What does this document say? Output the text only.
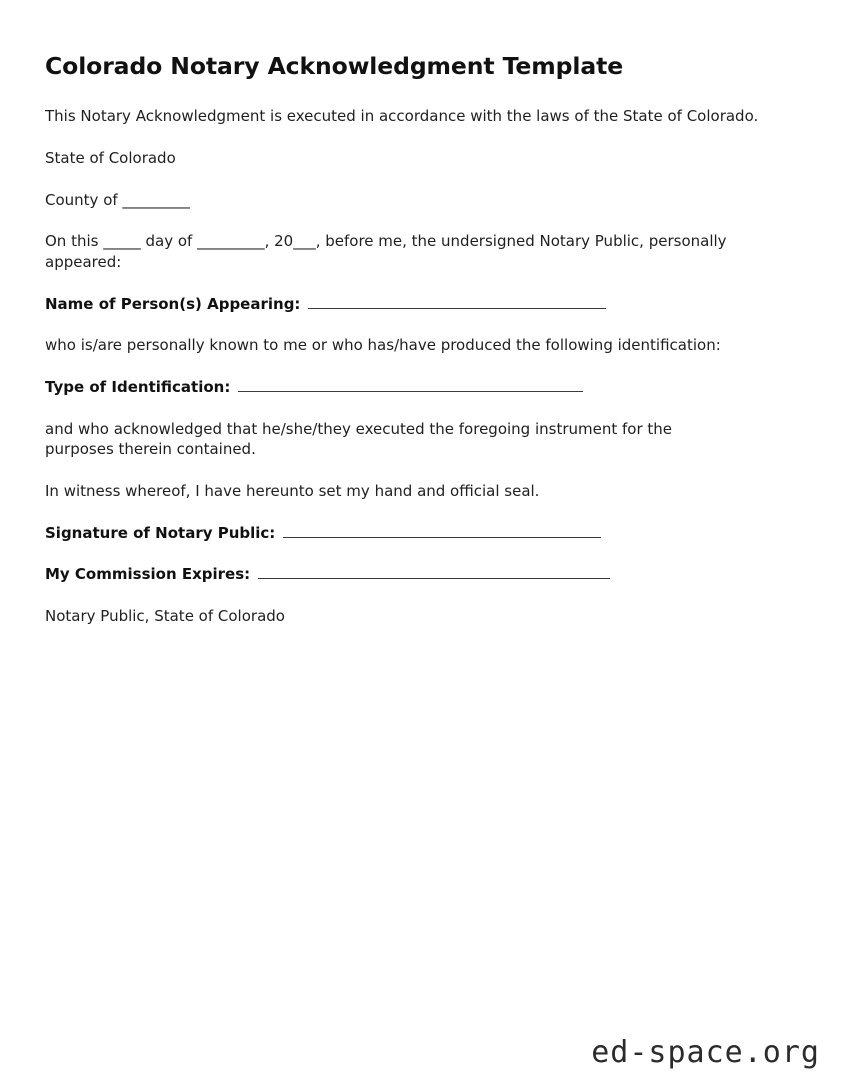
Colorado Notary Acknowledgment Template

This Notary Acknowledgment is executed in accordance with the laws of the State of Colorado.

State of Colorado

County of _________

On this _____ day of _________, 20___, before me, the undersigned Notary Public, personally appeared:

Name of Person(s) Appearing:

who is/are personally known to me or who has/have produced the following identification:

Type of Identification:

and who acknowledged that he/she/they executed the foregoing instrument for the purposes therein contained.

In witness whereof, I have hereunto set my hand and official seal.

Signature of Notary Public:
My Commission Expires:

Notary Public, State of Colorado

ed-space.org
